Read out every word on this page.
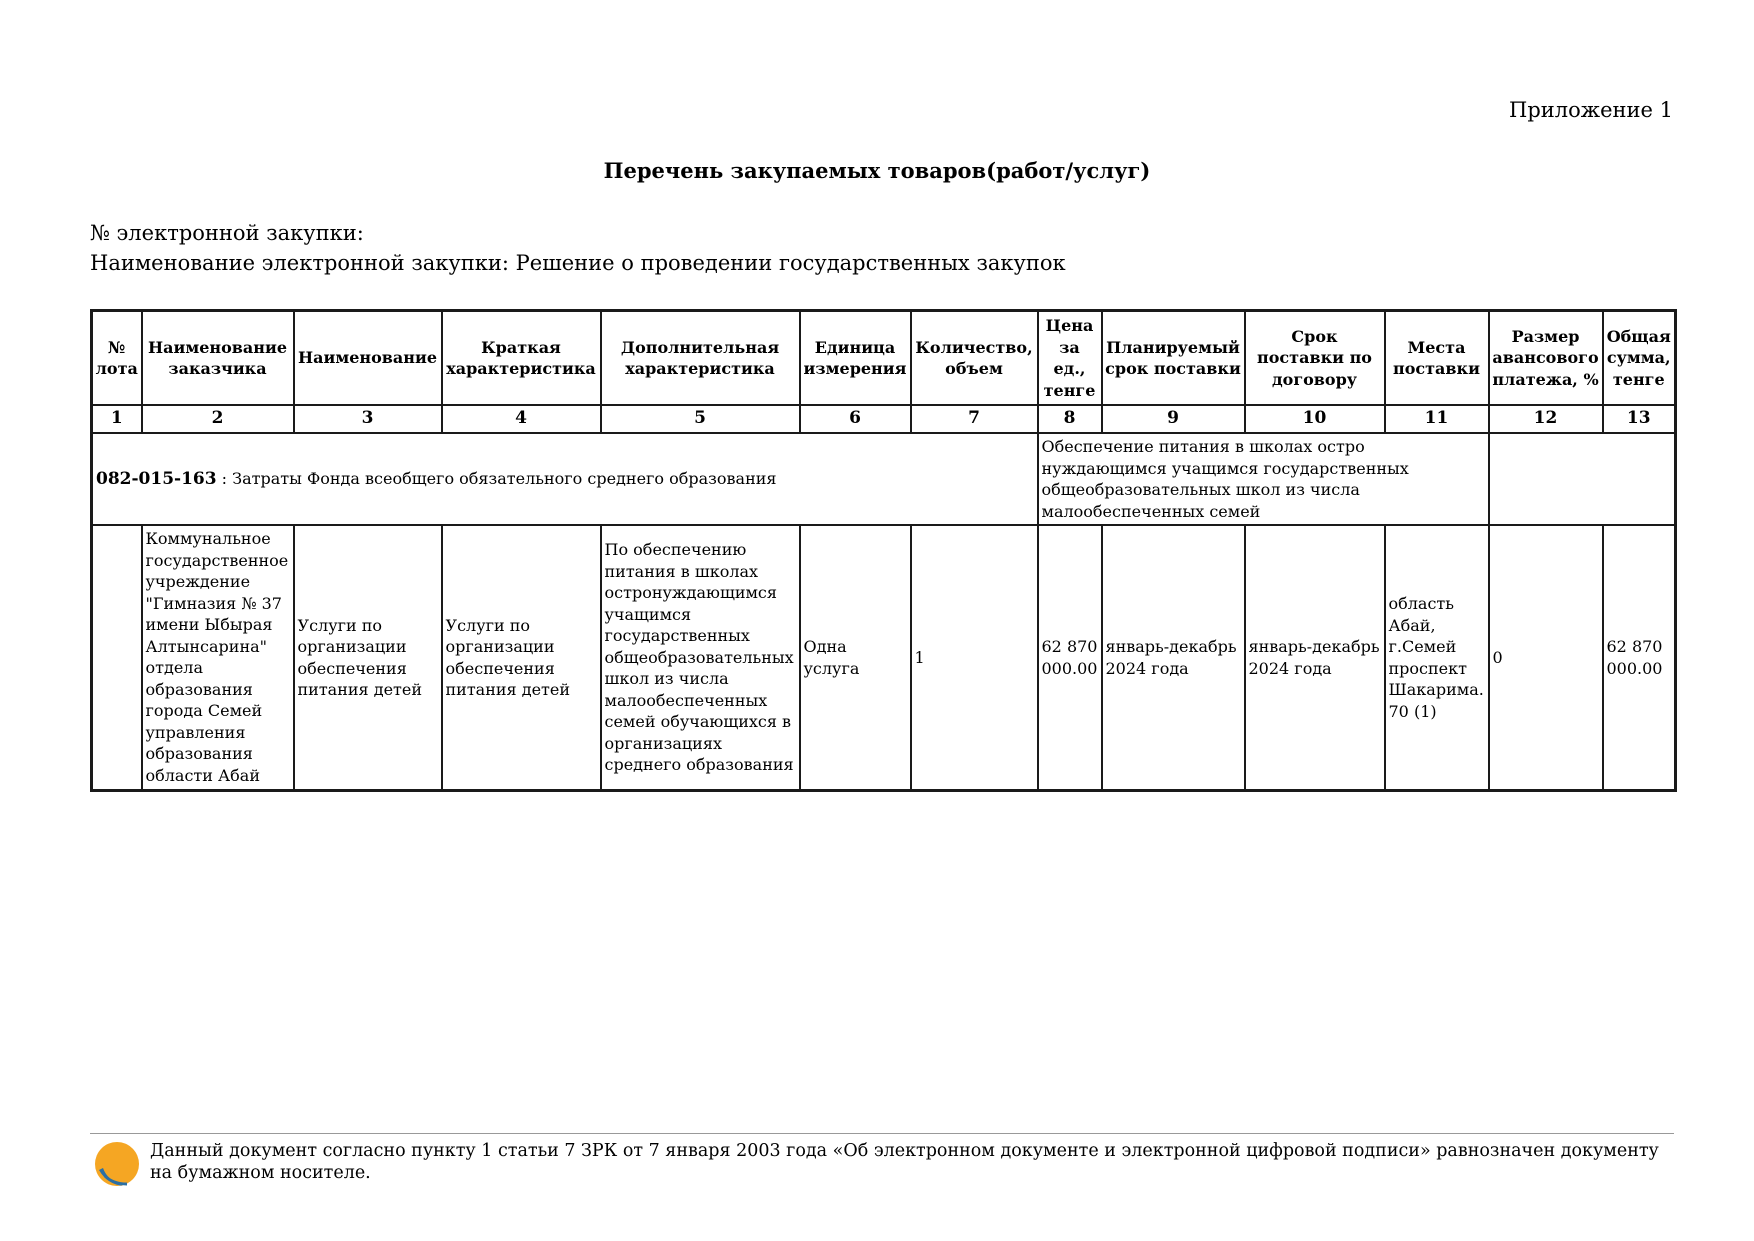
Приложение 1
Перечень закупаемых товаров(работ/услуг)
№ электронной закупки:
Наименование электронной закупки: Решение о проведении государственных закупок
№ лота	Наименование заказчика	Наименование	Краткая характеристика	Дополнительная характеристика	Единица измерения	Количество, объем	Цена за ед., тенге	Планируемый срок поставки	Срок поставки по договору	Места поставки	Размер авансового платежа, %	Общая сумма, тенге
1	2	3	4	5	6	7	8	9	10	11	12	13
082-015-163 : Затраты Фонда всеобщего обязательного среднего образования							Обеспечение питания в школах остро нуждающимся учащимся государственных общеобразовательных школ из числа малообеспеченных семей					
	Коммунальное государственное учреждение "Гимназия № 37 имени Ыбырая Алтынсарина" отдела образования города Семей управления образования области Абай	Услуги по организации обеспечения питания детей	Услуги по организации обеспечения питания детей	По обеспечению питания в школах остронуждающимся учащимся государственных общеобразовательных школ из числа малообеспеченных семей обучающихся в организациях среднего образования	Одна услуга	1	62 870 000.00	январь-декабрь 2024 года	январь-декабрь 2024 года	область Абай, г.Семей проспект Шакарима. 70 (1)	0	62 870 000.00
Данный документ согласно пункту 1 статьи 7 ЗРК от 7 января 2003 года «Об электронном документе и электронной цифровой подписи» равнозначен документу на бумажном носителе.
